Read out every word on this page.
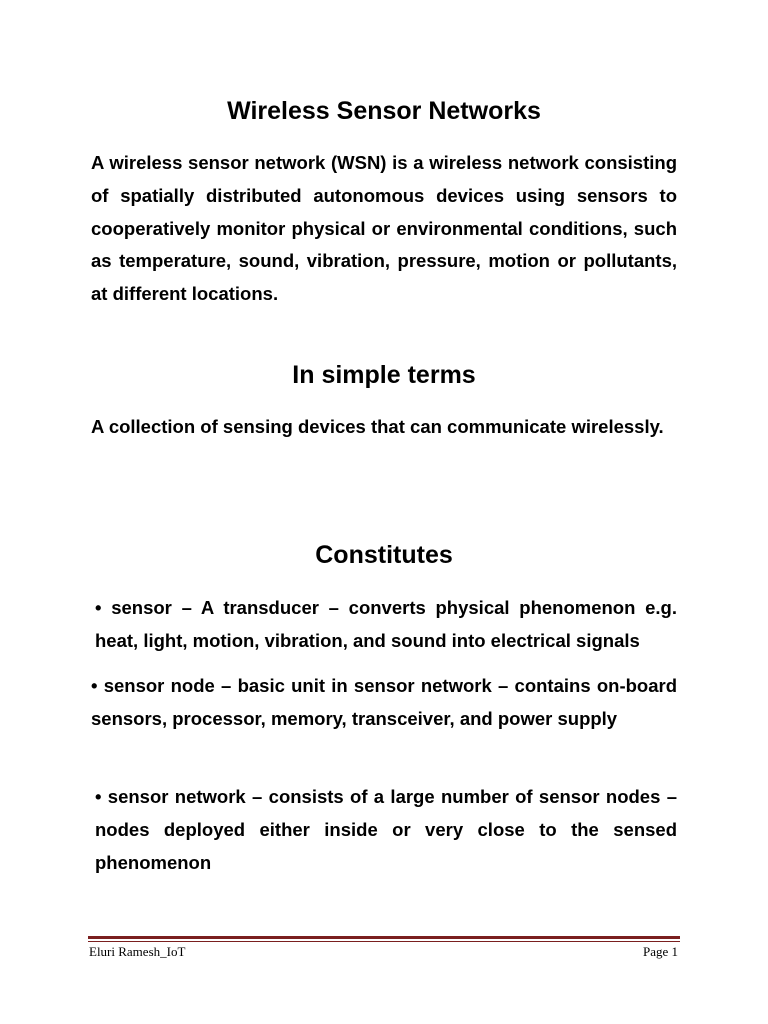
Wireless Sensor Networks

A wireless sensor network (WSN) is a wireless network consisting of spatially distributed autonomous devices using sensors to cooperatively monitor physical or environmental conditions, such as temperature, sound, vibration, pressure, motion or pollutants, at different locations.

In simple terms

A collection of sensing devices that can communicate wirelessly.

Constitutes

• sensor – A transducer – converts physical phenomenon e.g. heat, light, motion, vibration, and sound into electrical signals

• sensor node – basic unit in sensor network – contains on-board sensors, processor, memory, transceiver, and power supply

• sensor network – consists of a large number of sensor nodes – nodes deployed either inside or very close to the sensed phenomenon

Eluri Ramesh_IoT	Page 1
